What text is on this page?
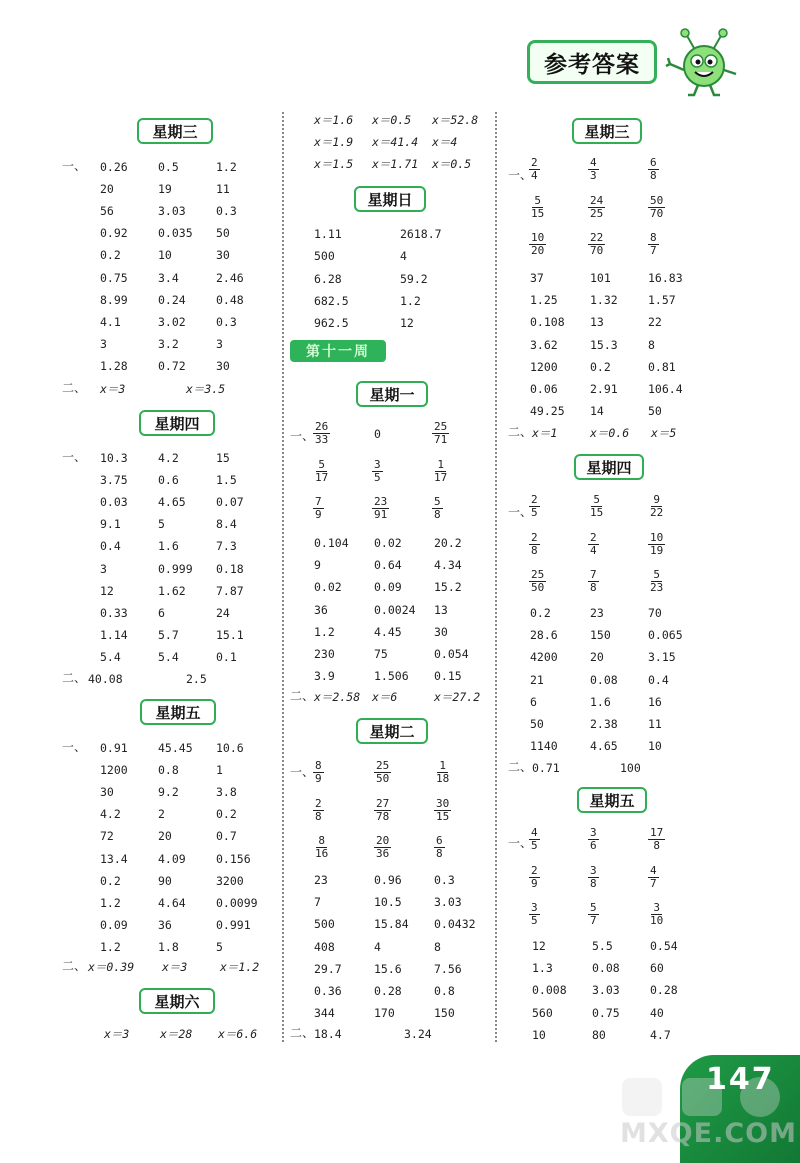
参考答案
星期三
一、
二、 x＝3	x＝3.5
星期四
一、
二、 40.08	2.5
星期五
一、
二、 x＝0.39 x＝3	x＝1.2
星期六
x＝3	x＝28 x＝6.6
星期日
第十一周
星期一
一、
二、 x＝2.58 x＝6	x＝27.2
星期二
一、
二、 18.4	3.24
星期三
一、
二、 x＝1	x＝0.6 x＝5
星期四
一、
二、 0.71	100
星期五
一、
147
MXQE.COM
0.26	0.5	1.2
20	19	11
56	3.03	0.3
0.92	0.035 50
0.2	10	30
0.75	3.4	2.46
8.99	0.24	0.48
4.1	3.02	0.3
3	3.2	3
1.28	0.72	30
10.3	4.2	15
3.75	0.6	1.5
0.03	4.65	0.07
9.1	5	8.4
0.4	1.6	7.3
3	0.999 0.18
12	1.62	7.87
0.33	6	24
1.14	5.7	15.1
5.4	5.4	0.1
0.91	45.45 10.6
1200	0.8	1
30	9.2	3.8
4.2	2	0.2
72	20	0.7
13.4	4.09	0.156
0.2	90	3200
1.2	4.64	0.0099
0.09	36	0.991
1.2	1.8	5
x＝1.6 x＝0.5 x＝52.8
x＝1.9 x＝41.4 x＝4
x＝1.5 x＝1.71 x＝0.5
1.11	2618.7
500	4
6.28	59.2
682.5	1.2
962.5	12
$\frac{26}{33}$	0	$\frac{25}{71}$
$\frac{5}{17}$	$\frac{3}{5}$	$\frac{1}{17}$
$\frac{7}{9}$	$\frac{23}{91}$	$\frac{5}{8}$
0.104 0.02	20.2
9	0.64	4.34
0.02	0.09	15.2
36	0.0024 13
1.2	4.45	30
230	75	0.054
3.9	1.506 0.15
$\frac{8}{9}$	$\frac{25}{50}$	$\frac{1}{18}$
$\frac{2}{8}$	$\frac{27}{78}$	$\frac{30}{15}$
$\frac{8}{16}$	$\frac{20}{36}$	$\frac{6}{8}$
23	0.96	0.3
7	10.5	3.03
500	15.84 0.0432
408	4	8
29.7	15.6	7.56
0.36	0.28	0.8
344	170	150
$\frac{2}{4}$	$\frac{4}{3}$	$\frac{6}{8}$
$\frac{5}{15}$	$\frac{24}{25}$	$\frac{50}{70}$
$\frac{10}{20}$	$\frac{22}{70}$	$\frac{8}{7}$
37	101	16.83
1.25	1.32	1.57
0.108 13	22
3.62	15.3	8
1200	0.2	0.81
0.06	2.91	106.4
49.25 14	50
$\frac{2}{5}$	$\frac{5}{15}$	$\frac{9}{22}$
$\frac{2}{8}$	$\frac{2}{4}$	$\frac{10}{19}$
$\frac{25}{50}$	$\frac{7}{8}$	$\frac{5}{23}$
0.2	23	70
28.6	150	0.065
4200	20	3.15
21	0.08	0.4
6	1.6	16
50	2.38	11
1140	4.65	10
$\frac{4}{5}$	$\frac{3}{6}$	$\frac{17}{8}$
$\frac{2}{9}$	$\frac{3}{8}$	$\frac{4}{7}$
$\frac{3}{5}$	$\frac{5}{7}$	$\frac{3}{10}$
12	5.5	0.54
1.3	0.08	60
0.008 3.03	0.28
560	0.75	40
10	80	4.7
